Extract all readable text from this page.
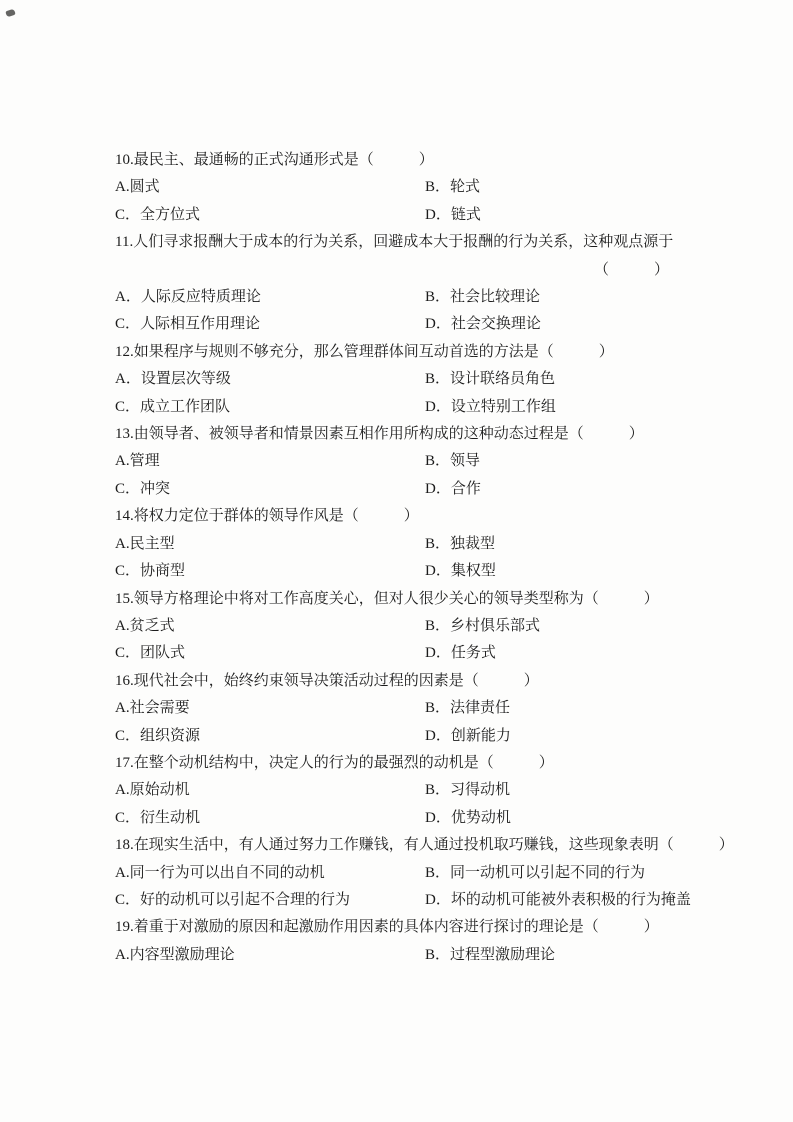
10.最民主、最通畅的正式沟通形式是（　　　）
A.圆式	B．轮式
C．全方位式	D．链式
11.人们寻求报酬大于成本的行为关系，回避成本大于报酬的行为关系，这种观点源于
（　　　）
A．人际反应特质理论	B．社会比较理论
C．人际相互作用理论	D．社会交换理论
12.如果程序与规则不够充分，那么管理群体间互动首选的方法是（　　　）
A．设置层次等级	B．设计联络员角色
C．成立工作团队	D．设立特别工作组
13.由领导者、被领导者和情景因素互相作用所构成的这种动态过程是（　　　）
A.管理	B．领导
C．冲突	D．合作
14.将权力定位于群体的领导作风是（　　　）
A.民主型	B．独裁型
C．协商型	D．集权型
15.领导方格理论中将对工作高度关心，但对人很少关心的领导类型称为（　　　）
A.贫乏式	B．乡村俱乐部式
C．团队式	D．任务式
16.现代社会中，始终约束领导决策活动过程的因素是（　　　）
A.社会需要	B．法律责任
C．组织资源	D．创新能力
17.在整个动机结构中，决定人的行为的最强烈的动机是（　　　）
A.原始动机	B．习得动机
C．衍生动机	D．优势动机
18.在现实生活中，有人通过努力工作赚钱，有人通过投机取巧赚钱，这些现象表明（　　　）
A.同一行为可以出自不同的动机	B．同一动机可以引起不同的行为
C．好的动机可以引起不合理的行为	D．坏的动机可能被外表积极的行为掩盖
19.着重于对激励的原因和起激励作用因素的具体内容进行探讨的理论是（　　　）
A.内容型激励理论	B．过程型激励理论
